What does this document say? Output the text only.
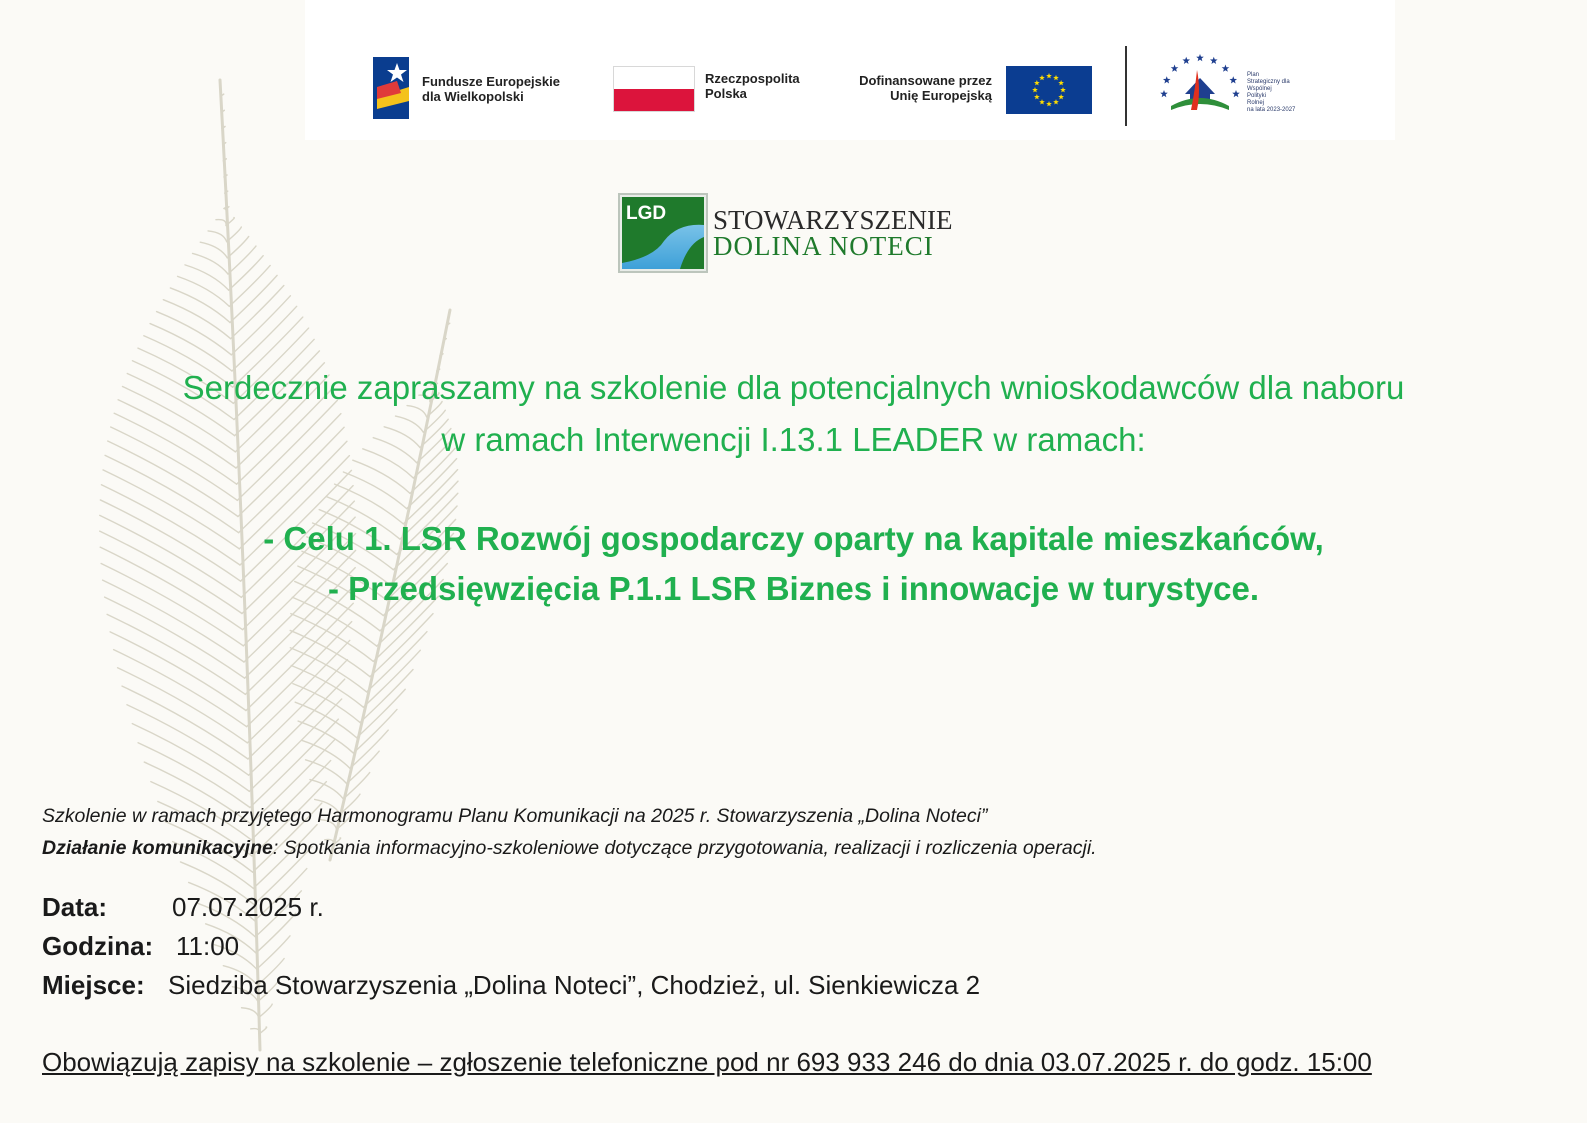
Fundusze Europejskie
dla Wielkopolski
Rzeczpospolita
Polska
Dofinansowane przez
Unię Europejską
Plan
Strategiczny dla
Wspólnej
Polityki
Rolnej
na lata 2023-2027
LGD STOWARZYSZENIE
DOLINA NOTECI
Serdecznie zapraszamy na szkolenie dla potencjalnych wnioskodawców dla naboru
w ramach Interwencji I.13.1 LEADER w ramach:
- Celu 1. LSR Rozwój gospodarczy oparty na kapitale mieszkańców,
- Przedsięwzięcia P.1.1 LSR Biznes i innowacje w turystyce.
Szkolenie w ramach przyjętego Harmonogramu Planu Komunikacji na 2025 r. Stowarzyszenia „Dolina Noteci”
Działanie komunikacyjne: Spotkania informacyjno-szkoleniowe dotyczące przygotowania, realizacji i rozliczenia operacji.
Data: 07.07.2025 r.
Godzina: 11:00
Miejsce: Siedziba Stowarzyszenia „Dolina Noteci”, Chodzież, ul. Sienkiewicza 2
Obowiązują zapisy na szkolenie – zgłoszenie telefoniczne pod nr 693 933 246 do dnia 03.07.2025 r. do godz. 15:00
